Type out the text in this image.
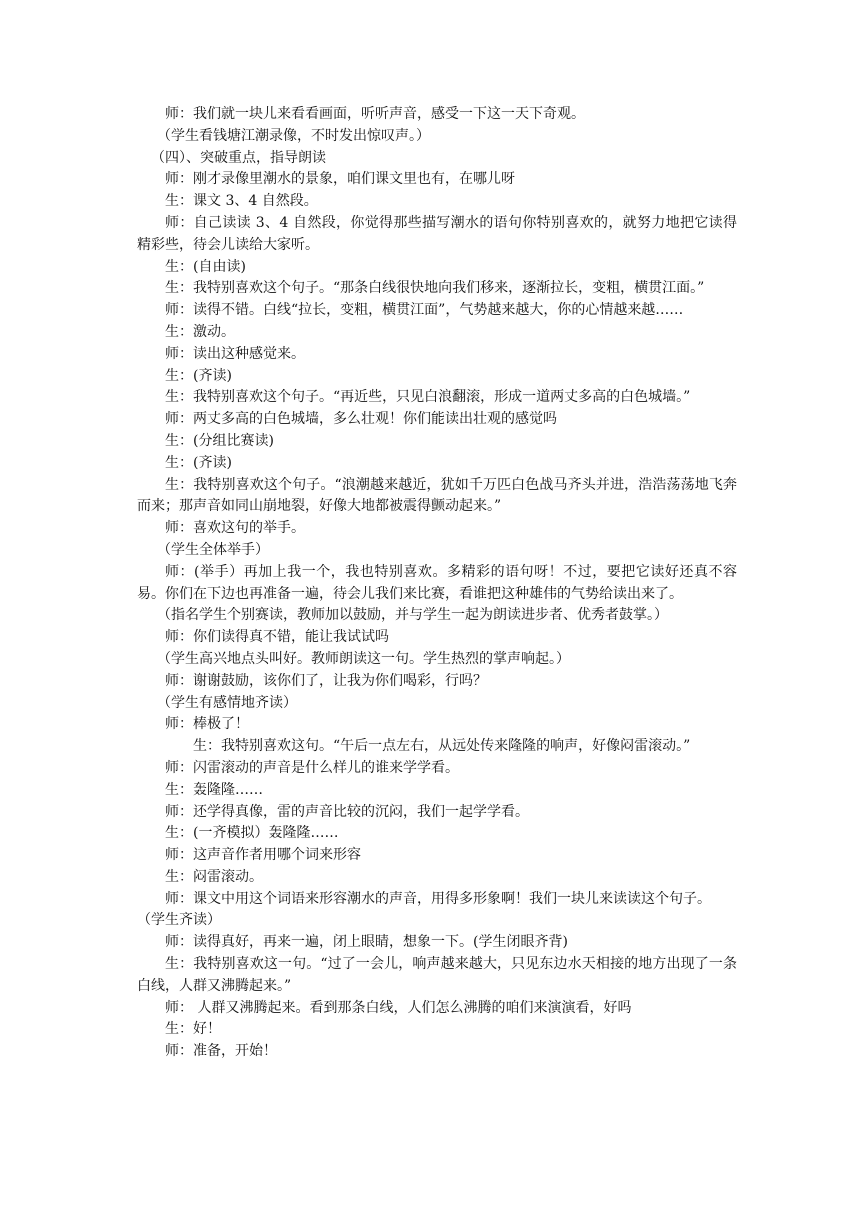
师：我们就一块儿来看看画面，听听声音，感受一下这一天下奇观。

（学生看钱塘江潮录像，不时发出惊叹声。）

（四）、突破重点，指导朗读

师：刚才录像里潮水的景象，咱们课文里也有，在哪儿呀

生：课文 3、4 自然段。

师：自己读读 3、4 自然段，你觉得那些描写潮水的语句你特别喜欢的，就努力地把它读得精彩些，待会儿读给大家听。

生：(自由读)

生：我特别喜欢这个句子。“那条白线很快地向我们移来，逐渐拉长，变粗，横贯江面。”

师：读得不错。白线“拉长，变粗，横贯江面”，气势越来越大，你的心情越来越……

生：激动。

师：读出这种感觉来。

生：(齐读)

生：我特别喜欢这个句子。“再近些，只见白浪翻滚，形成一道两丈多高的白色城墙。”

师：两丈多高的白色城墙，多么壮观！你们能读出壮观的感觉吗

生：(分组比赛读)

生：(齐读)

生：我特别喜欢这个句子。“浪潮越来越近，犹如千万匹白色战马齐头并进，浩浩荡荡地飞奔而来；那声音如同山崩地裂，好像大地都被震得颤动起来。”

师：喜欢这句的举手。

（学生全体举手）

师：(举手）再加上我一个，我也特别喜欢。多精彩的语句呀！不过，要把它读好还真不容易。你们在下边也再准备一遍，待会儿我们来比赛，看谁把这种雄伟的气势给读出来了。

（指名学生个别赛读，教师加以鼓励，并与学生一起为朗读进步者、优秀者鼓掌。）

师：你们读得真不错，能让我试试吗

（学生高兴地点头叫好。教师朗读这一句。学生热烈的掌声响起。）

师：谢谢鼓励，该你们了，让我为你们喝彩，行吗？

（学生有感情地齐读）

师：棒极了！

生：我特别喜欢这句。“午后一点左右，从远处传来隆隆的响声，好像闷雷滚动。”

师：闪雷滚动的声音是什么样儿的谁来学学看。

生：轰隆隆……

师：还学得真像，雷的声音比较的沉闷，我们一起学学看。

生：(一齐模拟）轰隆隆……

师：这声音作者用哪个词来形容

生：闷雷滚动。

师：课文中用这个词语来形容潮水的声音，用得多形象啊！我们一块儿来读读这个句子。

（学生齐读）

师：读得真好，再来一遍，闭上眼睛，想象一下。(学生闭眼齐背)

生：我特别喜欢这一句。“过了一会儿，响声越来越大，只见东边水天相接的地方出现了一条白线，人群又沸腾起来。”

师： 人群又沸腾起来。看到那条白线，人们怎么沸腾的咱们来演演看，好吗

生：好！

师：准备，开始！
